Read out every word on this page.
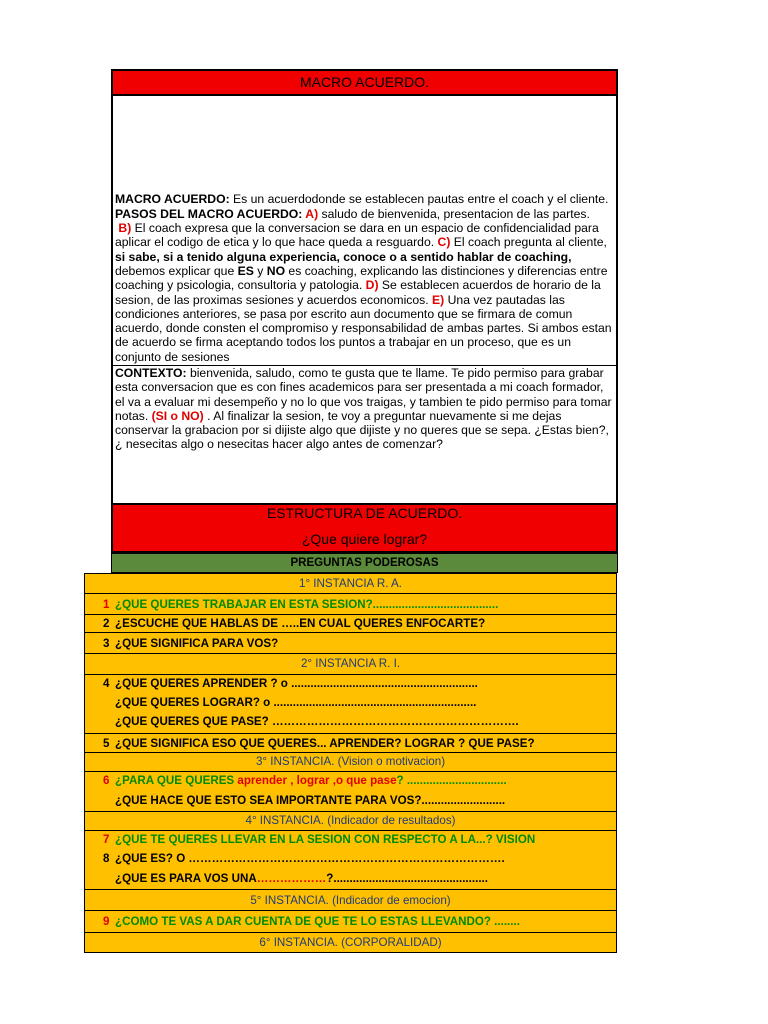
MACRO ACUERDO.
MACRO ACUERDO: Es un acuerdodonde se establecen pautas entre el coach y el cliente.
PASOS DEL MACRO ACUERDO: A) saludo de bienvenida, presentacion de las partes.
B) El coach expresa que la conversacion se dara en un espacio de confidencialidad para aplicar el codigo de etica y lo que hace queda a resguardo. C) El coach pregunta al cliente, si sabe, si a tenido alguna experiencia, conoce o a sentido hablar de coaching, debemos explicar que ES y NO es coaching, explicando las distinciones y diferencias entre coaching y psicologia, consultoria y patologia. D) Se establecen acuerdos de horario de la sesion, de las proximas sesiones y acuerdos economicos. E) Una vez pautadas las condiciones anteriores, se pasa por escrito aun documento que se firmara de comun acuerdo, donde consten el compromiso y responsabilidad de ambas partes. Si ambos estan de acuerdo se firma aceptando todos los puntos a trabajar en un proceso, que es un conjunto de sesiones
CONTEXTO: bienvenida, saludo, como te gusta que te llame. Te pido permiso para grabar esta conversacion que es con fines academicos para ser presentada a mi coach formador, el va a evaluar mi desempeño y no lo que vos traigas, y tambien te pido permiso para tomar notas. (SI o NO) . Al finalizar la sesion, te voy a preguntar nuevamente si me dejas conservar la grabacion por si dijiste algo que dijiste y no queres que se sepa. ¿Estas bien?, ¿ nesecitas algo o nesecitas hacer algo antes de comenzar?
ESTRUCTURA DE ACUERDO.
¿Que quiere lograr?
PREGUNTAS PODEROSAS
1° INSTANCIA R. A.
1 ¿QUE QUERES TRABAJAR EN ESTA SESION?.......................................
2 ¿ESCUCHE QUE HABLAS DE …..EN CUAL QUERES ENFOCARTE?
3 ¿QUE SIGNIFICA PARA VOS?
2° INSTANCIA R. I.
4 ¿QUE QUERES APRENDER ? o ..........................................................
¿QUE QUERES LOGRAR? o ...............................................................
¿QUE QUERES QUE PASE? ……………………………………………………….
5 ¿QUE SIGNIFICA ESO QUE QUERES... APRENDER? LOGRAR ? QUE PASE?
3° INSTANCIA. (Vision o motivacion)
6 ¿PARA QUE QUERES aprender , lograr ,o que pase? ...............................
¿QUE HACE QUE ESTO SEA IMPORTANTE PARA VOS?..........................
4° INSTANCIA. (Indicador de resultados)
7 ¿QUE TE QUERES LLEVAR EN LA SESION CON RESPECTO A LA...? VISION
8 ¿QUE ES? O ……………………………………………………………………….
¿QUE ES PARA VOS UNA………………?................................................
5° INSTANCIA. (Indicador de emocion)
9 ¿COMO TE VAS A DAR CUENTA DE QUE TE LO ESTAS LLEVANDO? ........
6° INSTANCIA. (CORPORALIDAD)
